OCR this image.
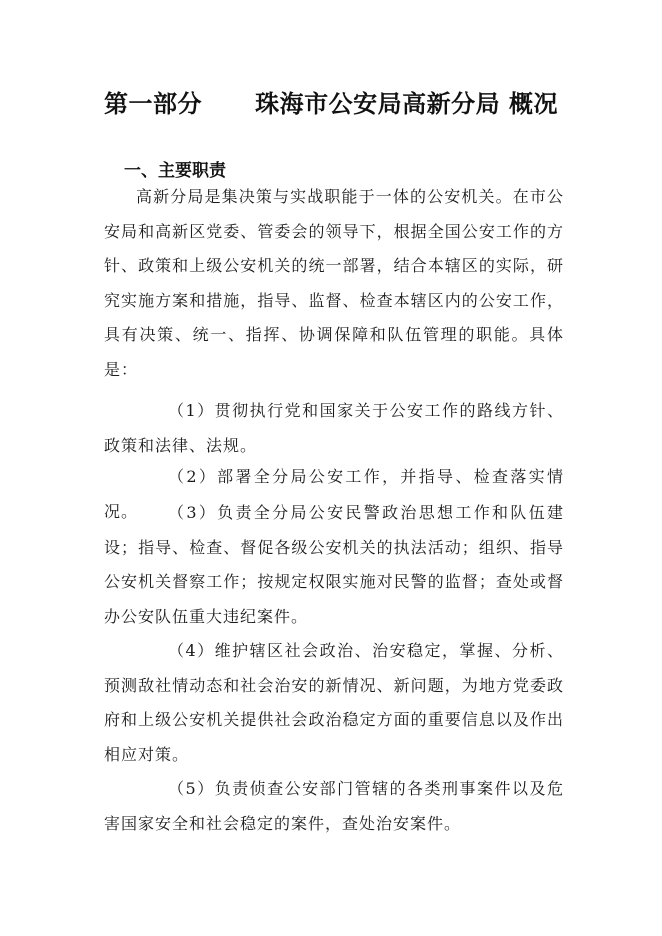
第一部分      珠海市公安局高新分局 概况
一、主要职责

高新分局是集决策与实战职能于一体的公安机关。在市公安局和高新区党委、管委会的领导下，根据全国公安工作的方针、政策和上级公安机关的统一部署，结合本辖区的实际，研究实施方案和措施，指导、监督、检查本辖区内的公安工作，具有决策、统一、指挥、协调保障和队伍管理的职能。具体是：

（1）贯彻执行党和国家关于公安工作的路线方针、政策和法律、法规。

（2）部署全分局公安工作，并指导、检查落实情况。	（3）负责全分局公安民警政治思想工作和队伍建设；指导、检查、督促各级公安机关的执法活动；组织、指导公安机关督察工作；按规定权限实施对民警的监督；查处或督办公安队伍重大违纪案件。

（4）维护辖区社会政治、治安稳定，掌握、分析、预测敌社情动态和社会治安的新情况、新问题，为地方党委政府和上级公安机关提供社会政治稳定方面的重要信息以及作出相应对策。

（5）负责侦查公安部门管辖的各类刑事案件以及危害国家安全和社会稳定的案件，查处治安案件。
